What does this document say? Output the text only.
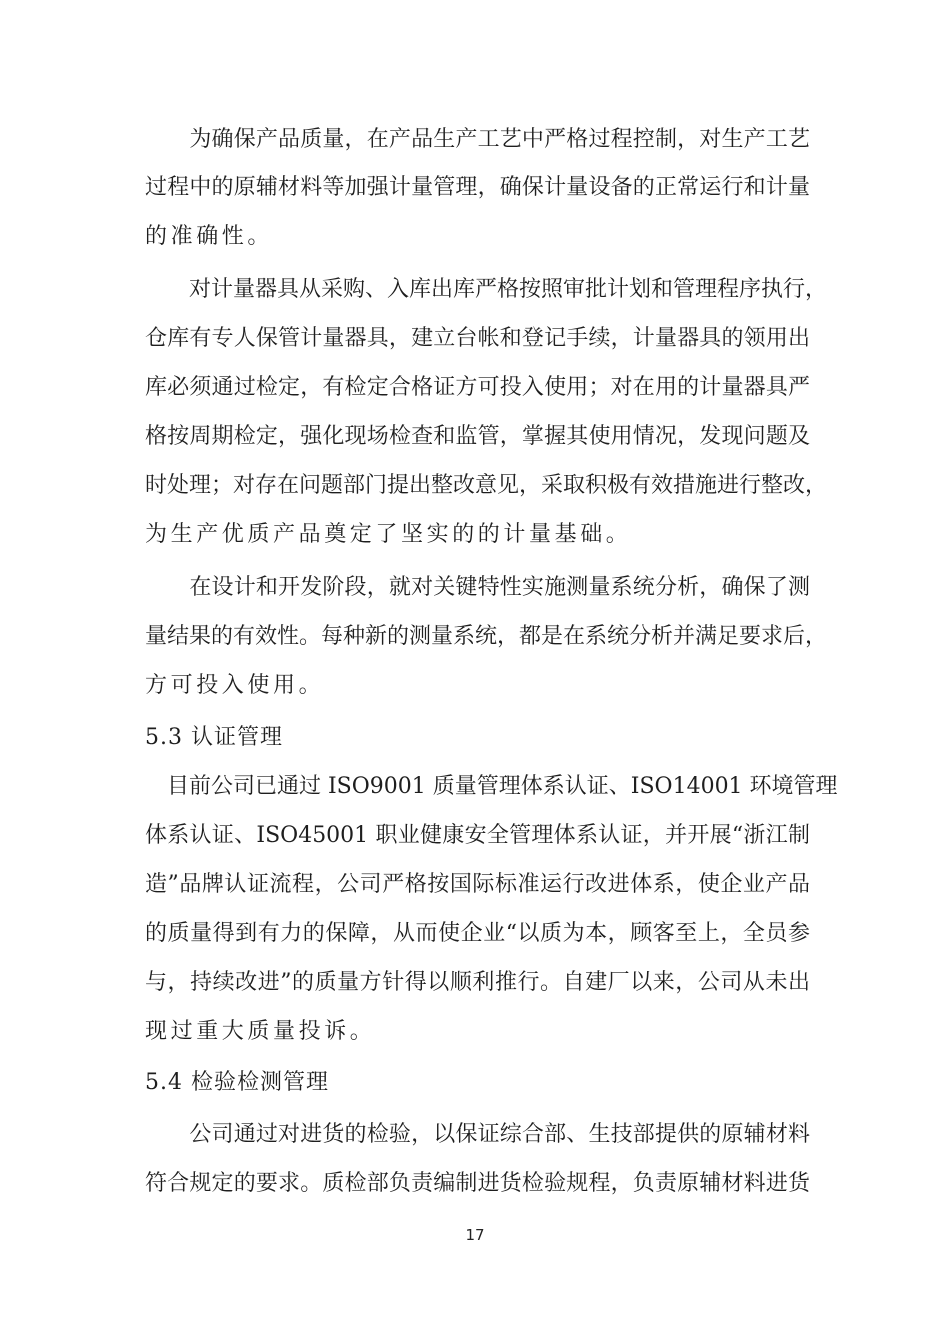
　　为确保产品质量，在产品生产工艺中严格过程控制，对生产工艺
过程中的原辅材料等加强计量管理，确保计量设备的正常运行和计量
的准确性。
　　对计量器具从采购、入库出库严格按照审批计划和管理程序执行，
仓库有专人保管计量器具，建立台帐和登记手续，计量器具的领用出
库必须通过检定，有检定合格证方可投入使用；对在用的计量器具严
格按周期检定，强化现场检查和监管，掌握其使用情况，发现问题及
时处理；对存在问题部门提出整改意见，采取积极有效措施进行整改，
为生产优质产品奠定了坚实的的计量基础。
　　在设计和开发阶段，就对关键特性实施测量系统分析，确保了测
量结果的有效性。每种新的测量系统，都是在系统分析并满足要求后，
方可投入使用。
5.3 认证管理
　目前公司已通过 ISO9001 质量管理体系认证、ISO14001 环境管理
体系认证、ISO45001 职业健康安全管理体系认证，并开展“浙江制
造”品牌认证流程，公司严格按国际标准运行改进体系，使企业产品
的质量得到有力的保障，从而使企业“以质为本，顾客至上，全员参
与，持续改进”的质量方针得以顺利推行。自建厂以来，公司从未出
现过重大质量投诉。
5.4 检验检测管理
　　公司通过对进货的检验，以保证综合部、生技部提供的原辅材料
符合规定的要求。质检部负责编制进货检验规程，负责原辅材料进货
17
